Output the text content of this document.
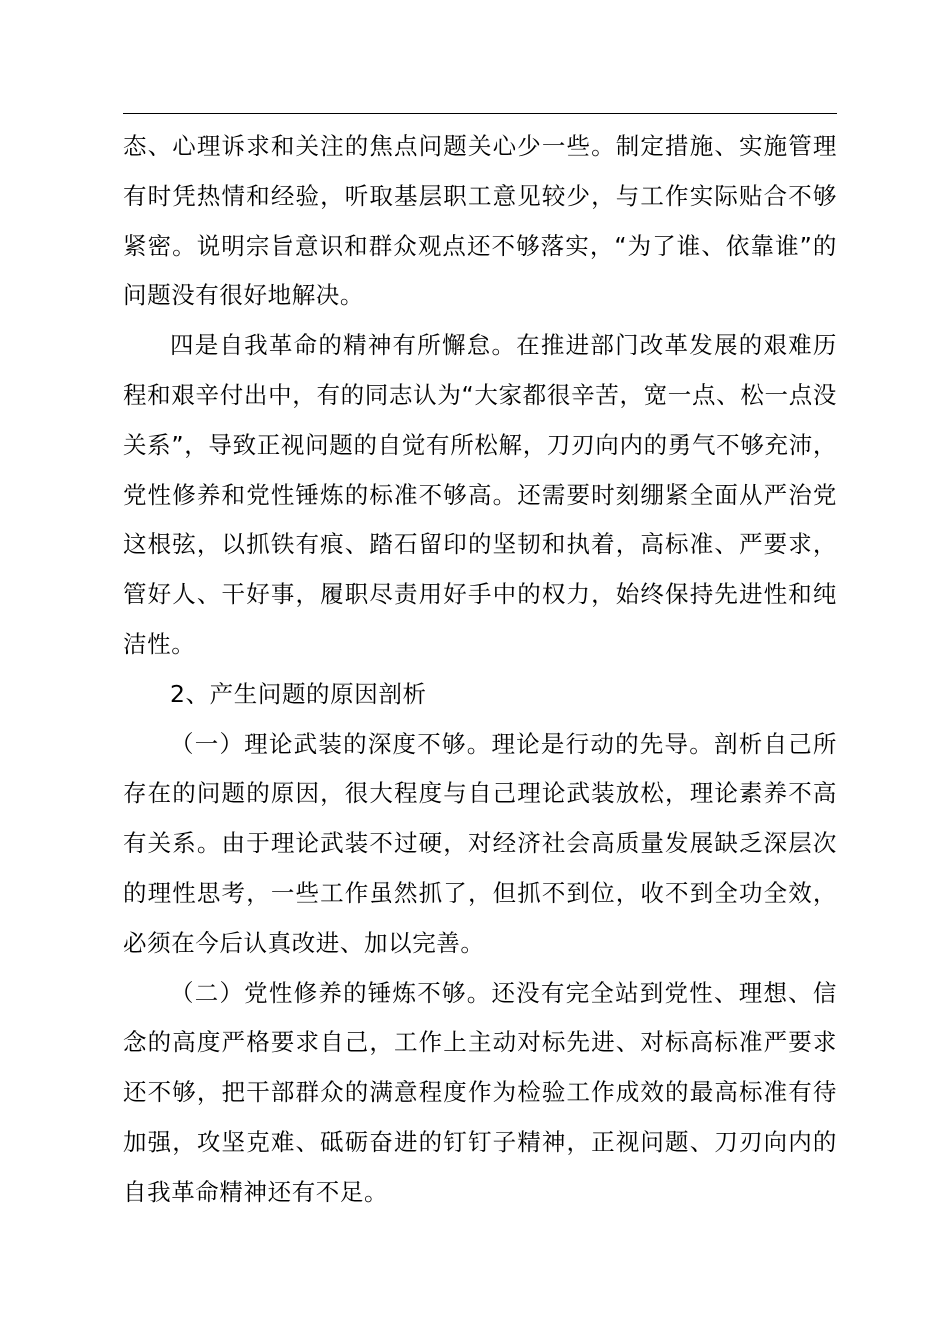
态、心理诉求和关注的焦点问题关心少一些。制定措施、实施管理有时凭热情和经验，听取基层职工意见较少，与工作实际贴合不够紧密。说明宗旨意识和群众观点还不够落实，“为了谁、依靠谁”的问题没有很好地解决。

四是自我革命的精神有所懈怠。在推进部门改革发展的艰难历程和艰辛付出中，有的同志认为“大家都很辛苦，宽一点、松一点没关系”，导致正视问题的自觉有所松解，刀刃向内的勇气不够充沛，党性修养和党性锤炼的标准不够高。还需要时刻绷紧全面从严治党这根弦，以抓铁有痕、踏石留印的坚韧和执着，高标准、严要求，管好人、干好事，履职尽责用好手中的权力，始终保持先进性和纯洁性。

2、产生问题的原因剖析

（一）理论武装的深度不够。理论是行动的先导。剖析自己所存在的问题的原因，很大程度与自己理论武装放松，理论素养不高有关系。由于理论武装不过硬，对经济社会高质量发展缺乏深层次的理性思考，一些工作虽然抓了，但抓不到位，收不到全功全效，必须在今后认真改进、加以完善。

（二）党性修养的锤炼不够。还没有完全站到党性、理想、信念的高度严格要求自己，工作上主动对标先进、对标高标准严要求还不够，把干部群众的满意程度作为检验工作成效的最高标准有待加强，攻坚克难、砥砺奋进的钉钉子精神，正视问题、刀刃向内的自我革命精神还有不足。
